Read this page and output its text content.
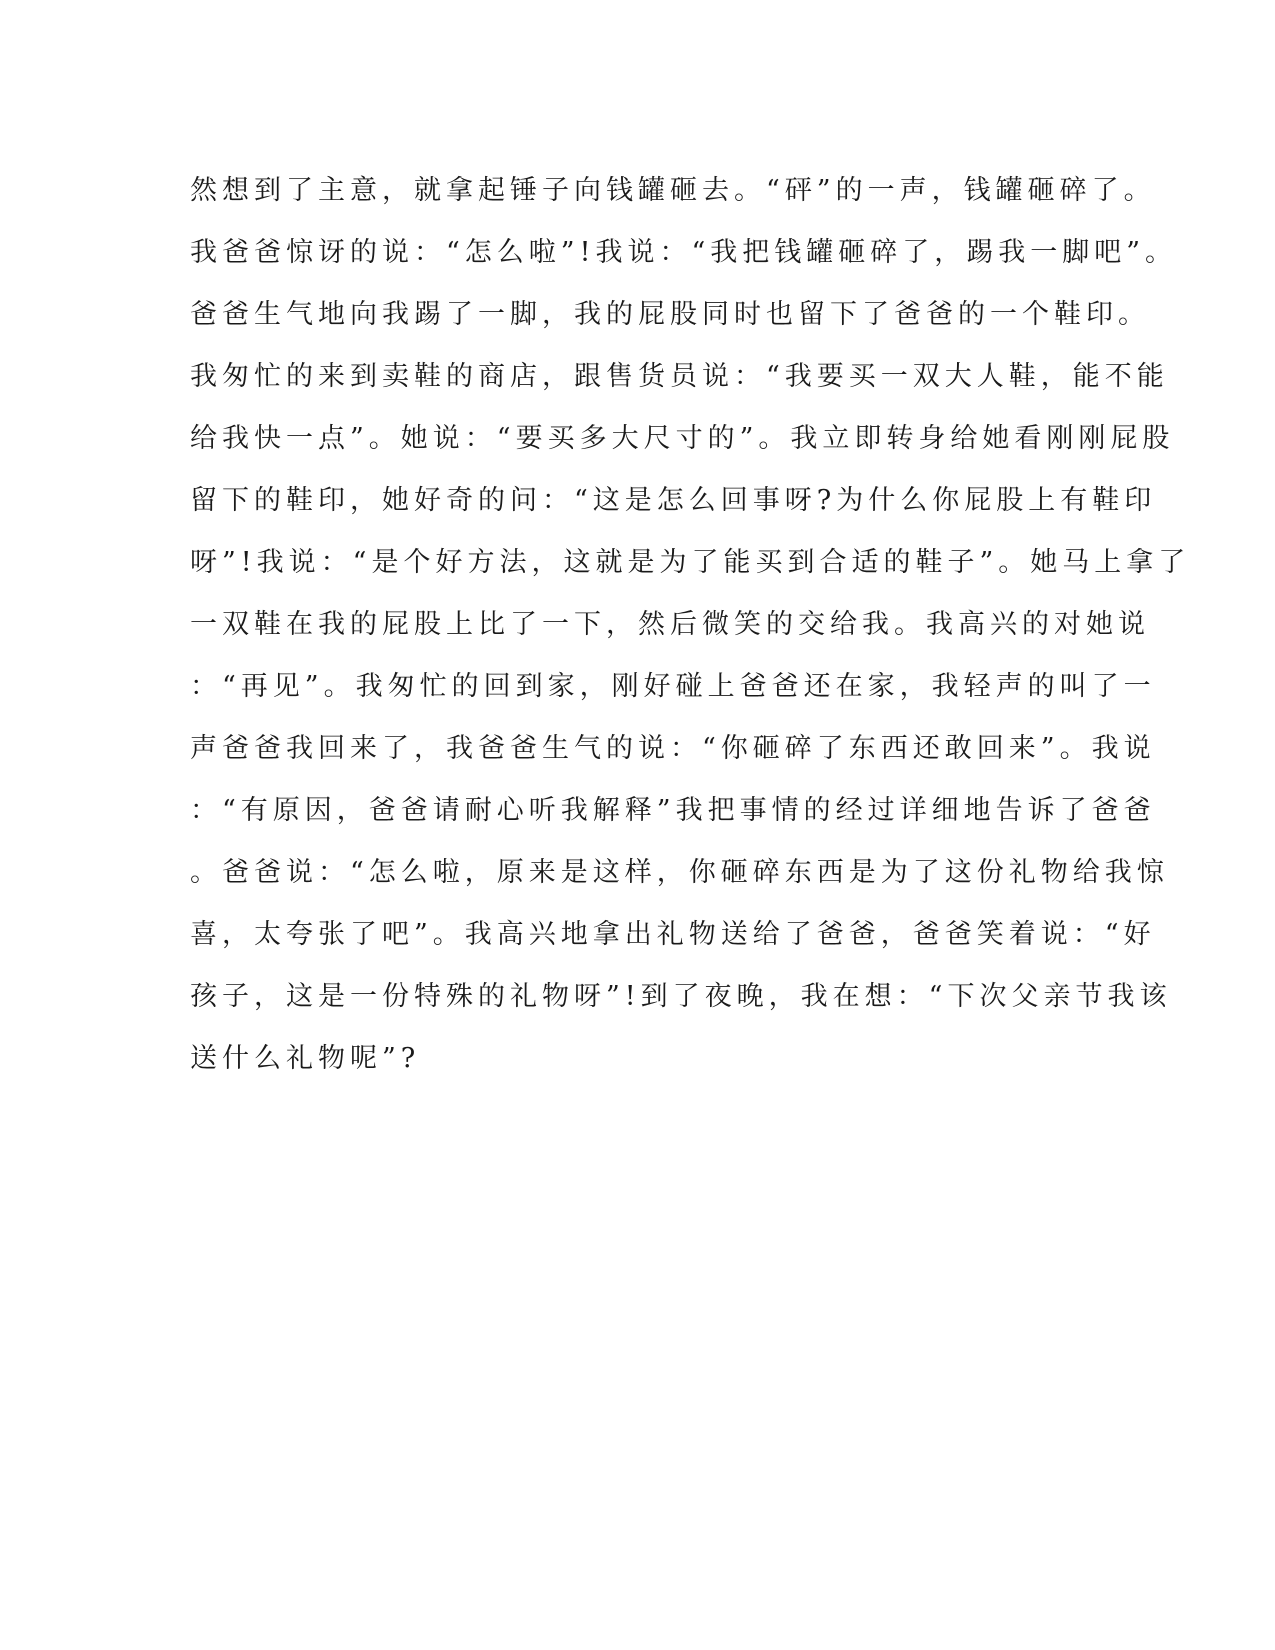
然想到了主意，就拿起锤子向钱罐砸去。“砰”的一声，钱罐砸碎了。
我爸爸惊讶的说：“怎么啦”!我说：“我把钱罐砸碎了，踢我一脚吧”。
爸爸生气地向我踢了一脚，我的屁股同时也留下了爸爸的一个鞋印。
我匆忙的来到卖鞋的商店，跟售货员说：“我要买一双大人鞋，能不能
给我快一点”。她说：“要买多大尺寸的”。我立即转身给她看刚刚屁股
留下的鞋印，她好奇的问：“这是怎么回事呀?为什么你屁股上有鞋印
呀”!我说：“是个好方法，这就是为了能买到合适的鞋子”。她马上拿了
一双鞋在我的屁股上比了一下，然后微笑的交给我。我高兴的对她说
：“再见”。我匆忙的回到家，刚好碰上爸爸还在家，我轻声的叫了一
声爸爸我回来了，我爸爸生气的说：“你砸碎了东西还敢回来”。我说
：“有原因，爸爸请耐心听我解释”我把事情的经过详细地告诉了爸爸
。爸爸说：“怎么啦，原来是这样，你砸碎东西是为了这份礼物给我惊
喜，太夸张了吧”。我高兴地拿出礼物送给了爸爸，爸爸笑着说：“好
孩子，这是一份特殊的礼物呀”!到了夜晚，我在想：“下次父亲节我该
送什么礼物呢”?
